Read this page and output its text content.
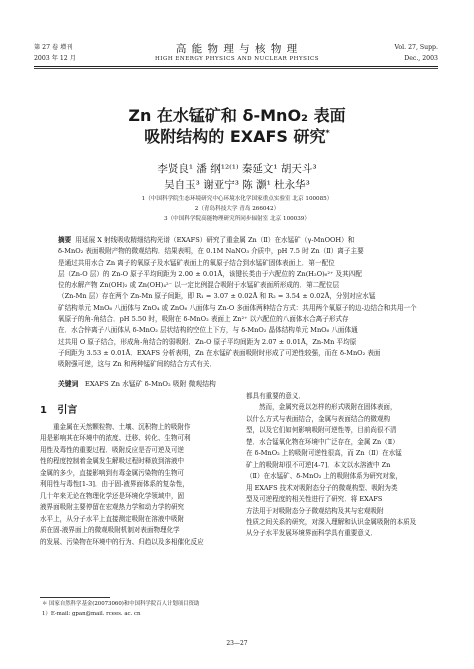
第 27 卷 增刊
2003 年 12 月
高 能 物 理 与 核 物 理
HIGH ENERGY PHYSICS AND NUCLEAR PHYSICS
Vol. 27, Supp.
Dec., 2003
Zn 在水锰矿和 δ-MnO₂ 表面
吸附结构的 EXAFS 研究*
李贤良¹ 潘 纲¹²⁽¹⁾ 秦延文¹ 胡天斗³
吴自玉³ 谢亚宁³ 陈 灏¹ 杜永华³
1（中国科学院生态环境研究中心环境水化学国家重点实验室 北京 100085）
2（青岛科技大学 青岛 266042）
3（中国科学院高能物理研究所同步辐射室 北京 100039）
摘要 用延展 X 射线吸收精细结构光谱（EXAFS）研究了重金属 Zn（Ⅱ）在水锰矿（γ-MnOOH）和
δ-MnO₂ 表面吸附产物的微观结构．结果表明，在 0.1M NaNO₃ 介质中，pH 7.5 时 Zn（Ⅱ）离子主要
是通过共用水合 Zn 离子的氧原子及水锰矿表面上的氧原子结合到水锰矿固体表面上．第一配位
层（Zn-O 层）的 Zn-O 原子平均间距为 2.00 ± 0.01Å，该键长类由于六配位的 Zn(H₂O)₆²⁺ 及其四配
位的水解产物 Zn(OH)₂ 或 Zn(OH)₄²⁻ 以一定比例混合吸附于水锰矿表面所形成的．第二配位层
（Zn-Mn 层）存在两个 Zn-Mn 原子间距，即 R₁ = 3.07 ± 0.02Å 和 R₂ = 3.54 ± 0.02Å，分别对应水锰
矿结构单元 MnO₆ 八面体与 ZnO₄ 或 ZnO₆ 八面体与 Zn-O 多面体两种结合方式：共用两个氧原子的边-边结合和共用一个
氧原子的角-角结合．pH 5.50 时，吸附在 δ-MnO₂ 表面上 Zn²⁺ 以六配位的八面体水合离子形式存
在．水合锌离子八面体从 δ-MnO₂ 层状结构的空位上下方，与 δ-MnO₂ 晶体结构单元 MnO₆ 八面体通
过共用 O 原子结合，形成角-角结合的弱吸附．Zn-O 原子平均间距为 2.07 ± 0.01Å，Zn-Mn 平均原
子间距为 3.53 ± 0.01Å．EXAFS 分析表明，Zn 在水锰矿表面吸附时形成了可逆性较强，而在 δ-MnO₂ 表面
吸附强可逆，这与 Zn 和两种锰矿间的结合方式有关．
关键词 EXAFS Zn 水锰矿 δ-MnO₂ 吸附 微观结构
1 引言
重金属在天然颗粒物、土壤、沉积物上的吸附作
用是影响其在环境中的浓度、迁移、转化、生物可利
用性及毒性的重要过程．吸附反应是否可逆及可逆
性的程度控制着金属发生解吸过程时释放到溶液中
金属的多少，直接影响到有毒金属污染物的生物可
利用性与毒性[1-3]．由于固-液界面体系的复杂性，
几十年来无论在物理化学还是环境化学领域中，固
液界面吸附主要停留在宏观热力学和动力学的研究
水平上，从分子水平上直接测定吸附在溶液中吸附
质在固-液界面上的微观吸附机制对表面物理化学
的发展、污染物在环境中的行为、归趋以及多相催化反应
都具有重要的意义．
然而，金属究竟以怎样的形式吸附在固体表面，
以什么方式与表面结合，金属与表面结合的微观构
型，以及它们如何影响吸附可逆性等，目前尚很不清
楚．水合锰氧化物在环境中广泛存在，金属 Zn（Ⅱ）
在 δ-MnO₂ 上的吸附可逆性很高，而 Zn（Ⅱ）在水锰
矿上的吸附却很不可逆[4-7]．本文以水溶液中 Zn
（Ⅱ）在水锰矿、δ-MnO₂ 上的吸附体系为研究对象，
用 EXAFS 技术对吸附态分子的微观构型、吸附为类
型及可逆程度的相关性进行了研究．将 EXAFS
方法用于对吸附态分子微观结构及其与宏观吸附
性质之间关系的研究，对深入理解和认识金属吸附的本质及
从分子水平发展环境界面科学具有重要意义．
＊ 国家自然科学基金(20073060)和中国科学院百人计划项目资助
1）E-mail: gpan@mail. rcees. ac. cn
23—27
